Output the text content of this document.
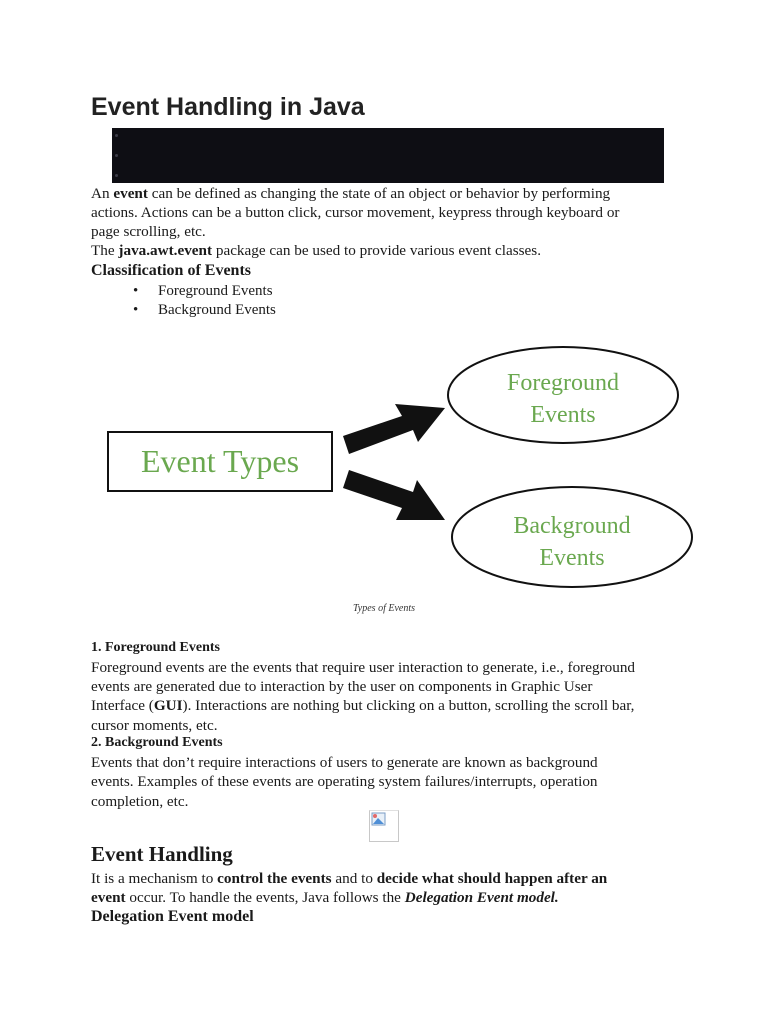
Event Handling in Java

An event can be defined as changing the state of an object or behavior by performing

actions. Actions can be a button click, cursor movement, keypress through keyboard or

page scrolling, etc.

The java.awt.event package can be used to provide various event classes.

Classification of Events

• Foreground Events

• Background Events

Event Types
Foreground
Events
Background
Events
Types of Events
1. Foreground Events

Foreground events are the events that require user interaction to generate, i.e., foreground

events are generated due to interaction by the user on components in Graphic User

Interface (GUI). Interactions are nothing but clicking on a button, scrolling the scroll bar,

cursor moments, etc.

2. Background Events

Events that don’t require interactions of users to generate are known as background

events. Examples of these events are operating system failures/interrupts, operation

completion, etc.

Event Handling

It is a mechanism to control the events and to decide what should happen after an

event occur. To handle the events, Java follows the Delegation Event model.

Delegation Event model
